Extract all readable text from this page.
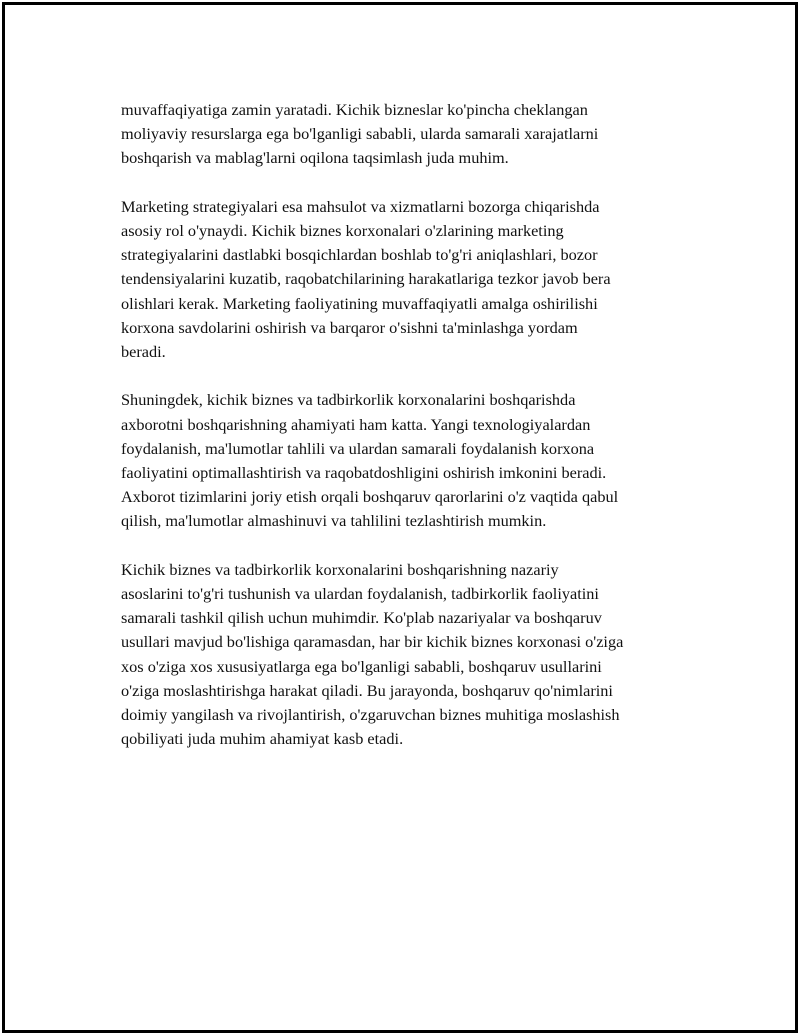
muvaffaqiyatiga zamin yaratadi. Kichik bizneslar ko'pincha cheklangan
moliyaviy resurslarga ega bo'lganligi sababli, ularda samarali xarajatlarni
boshqarish va mablag'larni oqilona taqsimlash juda muhim.

Marketing strategiyalari esa mahsulot va xizmatlarni bozorga chiqarishda
asosiy rol o'ynaydi. Kichik biznes korxonalari o'zlarining marketing
strategiyalarini dastlabki bosqichlardan boshlab to'g'ri aniqlashlari, bozor
tendensiyalarini kuzatib, raqobatchilarining harakatlariga tezkor javob bera
olishlari kerak. Marketing faoliyatining muvaffaqiyatli amalga oshirilishi
korxona savdolarini oshirish va barqaror o'sishni ta'minlashga yordam
beradi.

Shuningdek, kichik biznes va tadbirkorlik korxonalarini boshqarishda
axborotni boshqarishning ahamiyati ham katta. Yangi texnologiyalardan
foydalanish, ma'lumotlar tahlili va ulardan samarali foydalanish korxona
faoliyatini optimallashtirish va raqobatdoshligini oshirish imkonini beradi.
Axborot tizimlarini joriy etish orqali boshqaruv qarorlarini o'z vaqtida qabul
qilish, ma'lumotlar almashinuvi va tahlilini tezlashtirish mumkin.

Kichik biznes va tadbirkorlik korxonalarini boshqarishning nazariy
asoslarini to'g'ri tushunish va ulardan foydalanish, tadbirkorlik faoliyatini
samarali tashkil qilish uchun muhimdir. Ko'plab nazariyalar va boshqaruv
usullari mavjud bo'lishiga qaramasdan, har bir kichik biznes korxonasi o'ziga
xos o'ziga xos xususiyatlarga ega bo'lganligi sababli, boshqaruv usullarini
o'ziga moslashtirishga harakat qiladi. Bu jarayonda, boshqaruv qo'nimlarini
doimiy yangilash va rivojlantirish, o'zgaruvchan biznes muhitiga moslashish
qobiliyati juda muhim ahamiyat kasb etadi.
